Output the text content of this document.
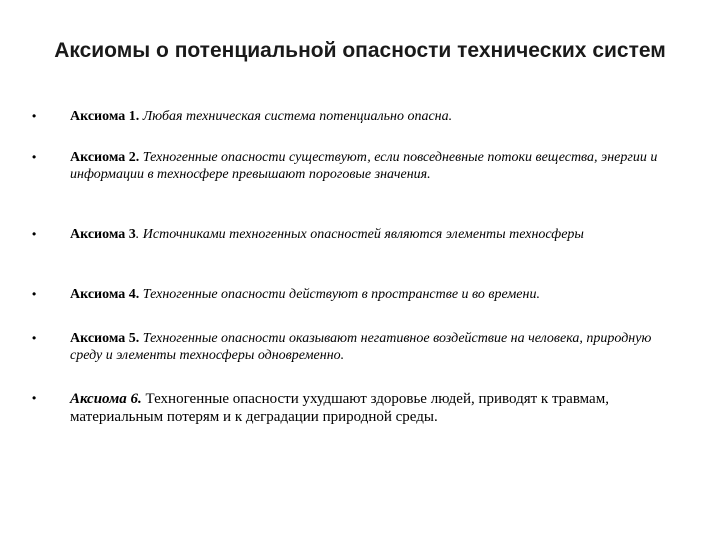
Аксиомы о потенциальной опасности технических систем
• Аксиома 1. Любая техническая система потенциально опасна.
• Аксиома 2. Техногенные опасности существуют, если повседневные потоки вещества, энергии и информации в техносфере превышают пороговые значения.
• Аксиома 3. Источниками техногенных опасностей являются элементы техносферы
• Аксиома 4. Техногенные опасности действуют в пространстве и во времени.
• Аксиома 5. Техногенные опасности оказывают негативное воздействие на человека, природную среду и элементы техносферы одновременно.
• Аксиома 6. Техногенные опасности ухудшают здоровье людей, приводят к травмам, материальным потерям и к деградации природной среды.
